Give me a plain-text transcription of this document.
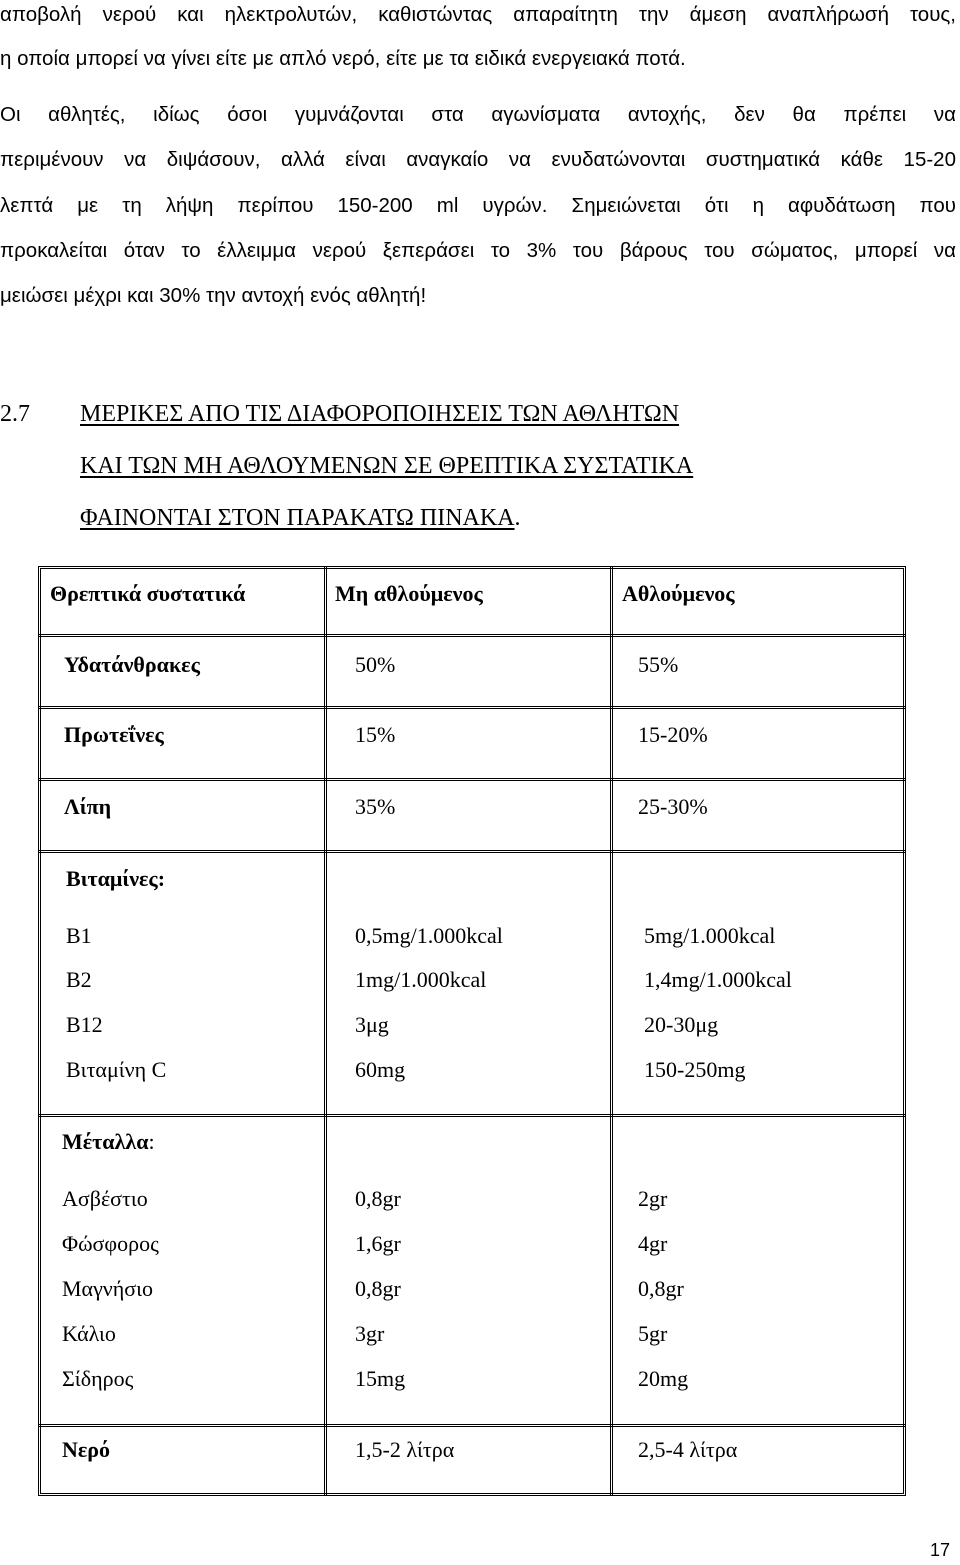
αποβολή νερού και ηλεκτρολυτών, καθιστώντας απαραίτητη την άμεση αναπλήρωσή τους,
η οποία μπορεί να γίνει είτε με απλό νερό, είτε με τα ειδικά ενεργειακά ποτά.
Οι αθλητές, ιδίως όσοι γυμνάζονται στα αγωνίσματα αντοχής, δεν θα πρέπει να
περιμένουν να διψάσουν, αλλά είναι αναγκαίο να ενυδατώνονται συστηματικά κάθε 15-20
λεπτά με τη λήψη περίπου 150-200 ml υγρών. Σημειώνεται ότι η αφυδάτωση που
προκαλείται όταν το έλλειμμα νερού ξεπεράσει το 3% του βάρους του σώματος, μπορεί να
μειώσει μέχρι και 30% την αντοχή ενός αθλητή!
2.7 ΜΕΡΙΚΕΣ ΑΠΟ ΤΙΣ ΔΙΑΦΟΡΟΠΟΙΗΣΕΙΣ ΤΩΝ ΑΘΛΗΤΩΝ
ΚΑΙ ΤΩΝ ΜΗ ΑΘΛΟΥΜΕΝΩΝ ΣΕ ΘΡΕΠΤΙΚΑ ΣΥΣΤΑΤΙΚΑ
ΦΑΙΝΟΝΤΑΙ ΣΤΟΝ ΠΑΡΑΚΑΤΩ ΠΙΝΑΚΑ.
Θρεπτικά συστατικά	Μη αθλούμενος	Αθλούμενος
Υδατάνθρακες	50%	55%
Πρωτεΐνες	15%	15-20%
Λίπη	35%	25-30%
Βιταμίνες:
B1	0,5mg/1.000kcal	5mg/1.000kcal
B2	1mg/1.000kcal	1,4mg/1.000kcal
B12	3μg	20-30μg
Βιταμίνη C	60mg	150-250mg
Μέταλλα:
Ασβέστιο	0,8gr	2gr
Φώσφορος	1,6gr	4gr
Μαγνήσιο	0,8gr	0,8gr
Κάλιο	3gr	5gr
Σίδηρος	15mg	20mg
Νερό	1,5-2 λίτρα	2,5-4 λίτρα
17
